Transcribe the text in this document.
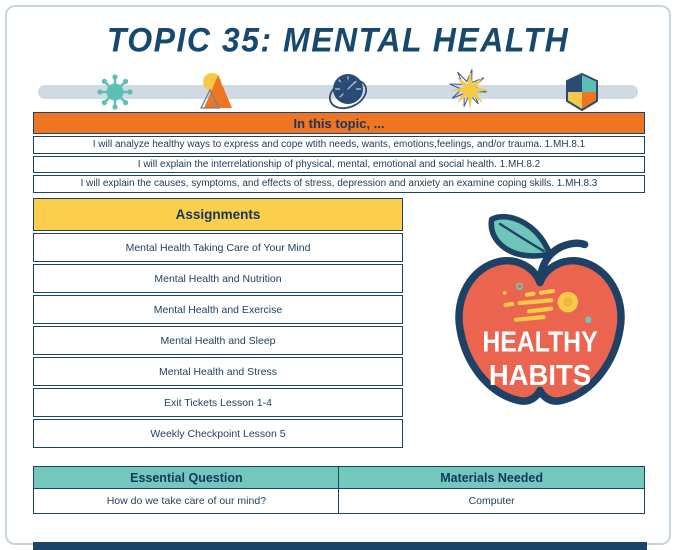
TOPIC 35: MENTAL HEALTH
In this topic, ...
I will analyze healthy ways to express and cope wtith needs, wants, emotions,feelings, and/or trauma. 1.MH.8.1
I will explain the interrelationship of physical, mental, emotional and social health. 1.MH.8.2
I will explain the causes, symptoms, and effects of stress, depression and anxiety an examine coping skills. 1.MH.8.3
Assignments
Mental Health Taking Care of Your Mind
Mental Health and Nutrition
Mental Health and Exercise
Mental Health and Sleep
Mental Health and Stress
Exit Tickets Lesson 1-4
Weekly Checkpoint Lesson 5
HEALTHY
HABITS
Essential Question	Materials Needed
How do we take care of our mind?	Computer
